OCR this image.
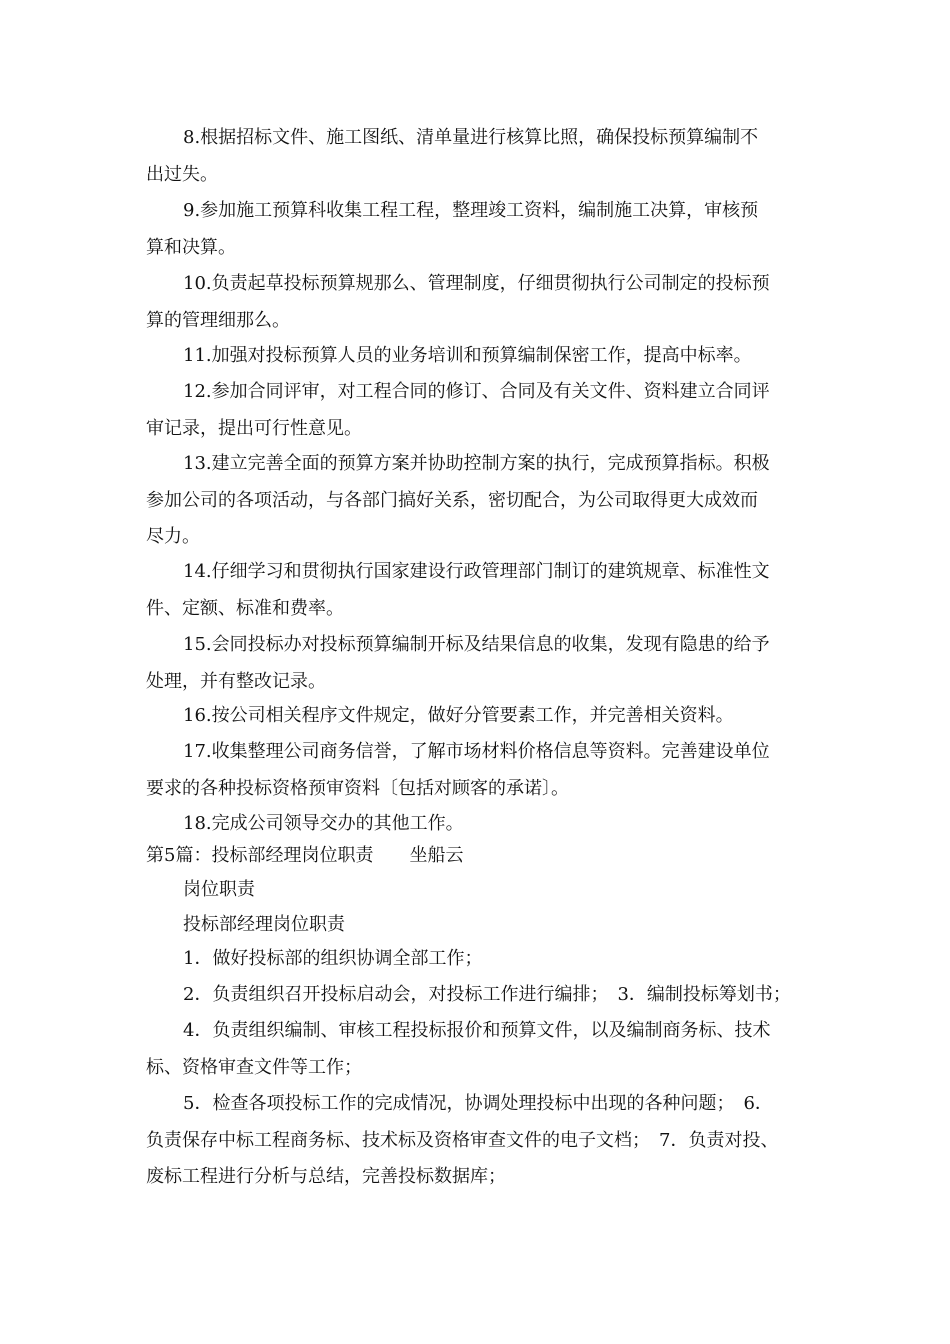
8.根据招标文件、施工图纸、清单量进行核算比照，确保投标预算编制不
出过失。

9.参加施工预算科收集工程工程，整理竣工资料，编制施工决算，审核预
算和决算。

10.负责起草投标预算规那么、管理制度，仔细贯彻执行公司制定的投标预
算的管理细那么。

11.加强对投标预算人员的业务培训和预算编制保密工作，提高中标率。

12.参加合同评审，对工程合同的修订、合同及有关文件、资料建立合同评
审记录，提出可行性意见。

13.建立完善全面的预算方案并协助控制方案的执行，完成预算指标。积极
参加公司的各项活动，与各部门搞好关系，密切配合，为公司取得更大成效而
尽力。

14.仔细学习和贯彻执行国家建设行政管理部门制订的建筑规章、标准性文
件、定额、标准和费率。

15.会同投标办对投标预算编制开标及结果信息的收集，发现有隐患的给予
处理，并有整改记录。

16.按公司相关程序文件规定，做好分管要素工作，并完善相关资料。

17.收集整理公司商务信誉，了解市场材料价格信息等资料。完善建设单位
要求的各种投标资格预审资料〔包括对顾客的承诺〕。

18.完成公司领导交办的其他工作。

第5篇：投标部经理岗位职责　　坐船云

岗位职责

投标部经理岗位职责

1．做好投标部的组织协调全部工作；

2．负责组织召开投标启动会，对投标工作进行编排；　3．编制投标筹划书；

4．负责组织编制、审核工程投标报价和预算文件，以及编制商务标、技术
标、资格审查文件等工作；

5．检查各项投标工作的完成情况，协调处理投标中出现的各种问题；　6．
负责保存中标工程商务标、技术标及资格审查文件的电子文档；　7．负责对投、
废标工程进行分析与总结，完善投标数据库；
